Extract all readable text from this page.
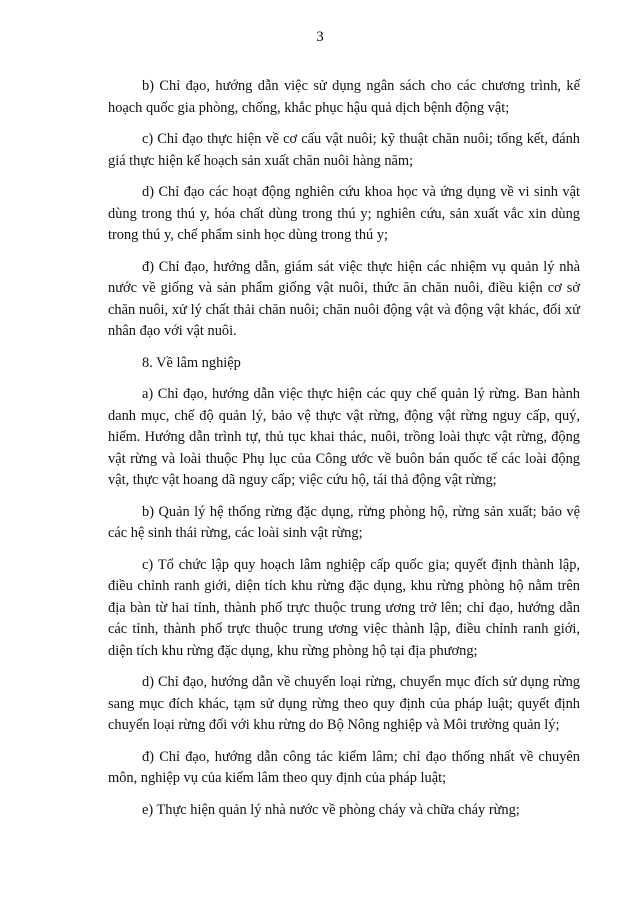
3

b) Chỉ đạo, hướng dẫn việc sử dụng ngân sách cho các chương trình, kế hoạch quốc gia phòng, chống, khắc phục hậu quả dịch bệnh động vật;

c) Chỉ đạo thực hiện về cơ cấu vật nuôi; kỹ thuật chăn nuôi; tổng kết, đánh giá thực hiện kế hoạch sản xuất chăn nuôi hàng năm;

d) Chỉ đạo các hoạt động nghiên cứu khoa học và ứng dụng về vi sinh vật dùng trong thú y, hóa chất dùng trong thú y; nghiên cứu, sản xuất vắc xin dùng trong thú y, chế phẩm sinh học dùng trong thú y;

đ) Chỉ đạo, hướng dẫn, giám sát việc thực hiện các nhiệm vụ quản lý nhà nước về giống và sản phẩm giống vật nuôi, thức ăn chăn nuôi, điều kiện cơ sở chăn nuôi, xử lý chất thải chăn nuôi; chăn nuôi động vật và động vật khác, đối xử nhân đạo với vật nuôi.

8. Về lâm nghiệp

a) Chỉ đạo, hướng dẫn việc thực hiện các quy chế quản lý rừng. Ban hành danh mục, chế độ quản lý, bảo vệ thực vật rừng, động vật rừng nguy cấp, quý, hiếm. Hướng dẫn trình tự, thủ tục khai thác, nuôi, trồng loài thực vật rừng, động vật rừng và loài thuộc Phụ lục của Công ước về buôn bán quốc tế các loài động vật, thực vật hoang dã nguy cấp; việc cứu hộ, tái thả động vật rừng;

b) Quản lý hệ thống rừng đặc dụng, rừng phòng hộ, rừng sản xuất; bảo vệ các hệ sinh thái rừng, các loài sinh vật rừng;

c) Tổ chức lập quy hoạch lâm nghiệp cấp quốc gia; quyết định thành lập, điều chỉnh ranh giới, diện tích khu rừng đặc dụng, khu rừng phòng hộ nằm trên địa bàn từ hai tỉnh, thành phố trực thuộc trung ương trở lên; chỉ đạo, hướng dẫn các tỉnh, thành phố trực thuộc trung ương việc thành lập, điều chỉnh ranh giới, diện tích khu rừng đặc dụng, khu rừng phòng hộ tại địa phương;

d) Chỉ đạo, hướng dẫn về chuyển loại rừng, chuyển mục đích sử dụng rừng sang mục đích khác, tạm sử dụng rừng theo quy định của pháp luật; quyết định chuyển loại rừng đối với khu rừng do Bộ Nông nghiệp và Môi trường quản lý;

đ) Chỉ đạo, hướng dẫn công tác kiểm lâm; chỉ đạo thống nhất về chuyên môn, nghiệp vụ của kiểm lâm theo quy định của pháp luật;

e) Thực hiện quản lý nhà nước về phòng cháy và chữa cháy rừng;
